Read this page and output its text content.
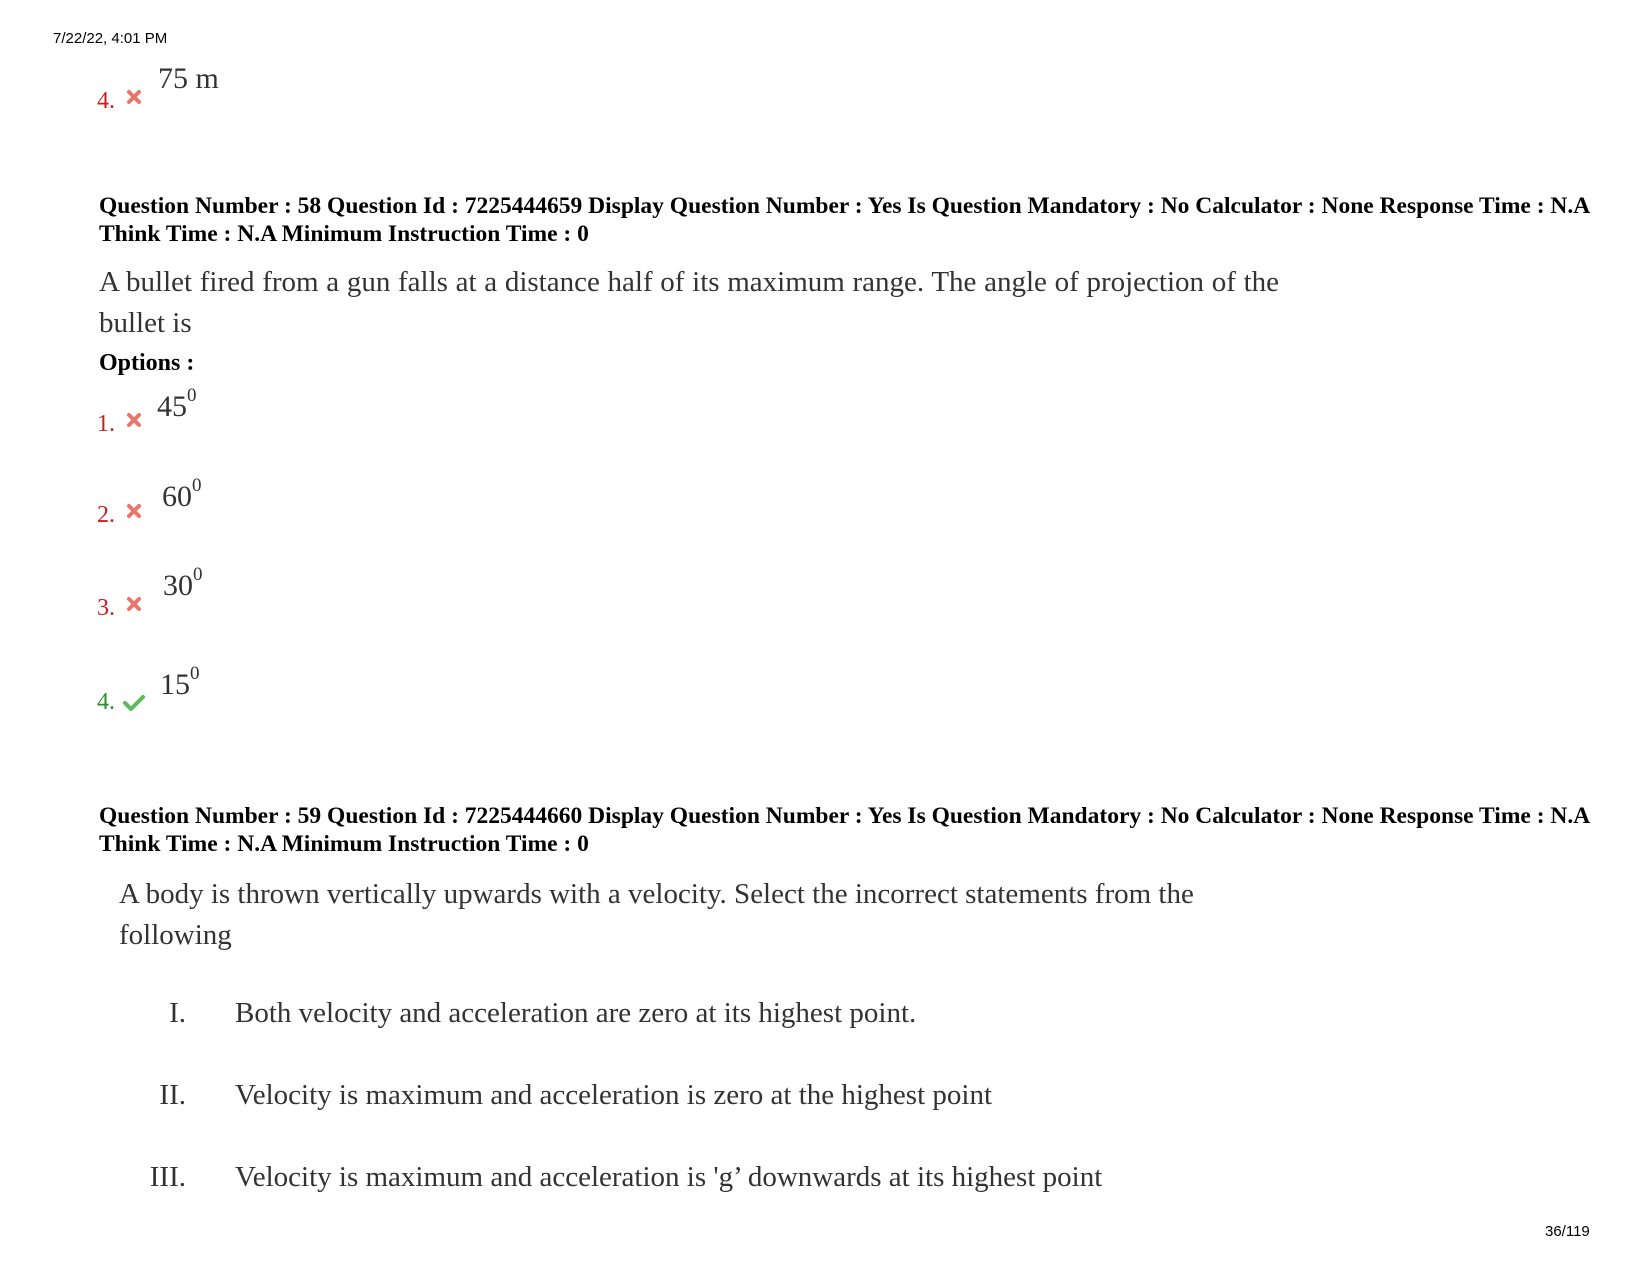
7/22/22, 4:01 PM
36/119
4.
75 m
Question Number : 58 Question Id : 7225444659 Display Question Number : Yes Is Question Mandatory : No Calculator : None Response Time : N.A Think Time : N.A Minimum Instruction Time : 0
A bullet fired from a gun falls at a distance half of its maximum range. The angle of projection of the bullet is
Options :
1.
$45^0$
2.
$60^0$
3.
$30^0$
4.
$15^0$
Question Number : 59 Question Id : 7225444660 Display Question Number : Yes Is Question Mandatory : No Calculator : None Response Time : N.A Think Time : N.A Minimum Instruction Time : 0
A body is thrown vertically upwards with a velocity. Select the incorrect statements from the following
I. Both velocity and acceleration are zero at its highest point.
II. Velocity is maximum and acceleration is zero at the highest point
III. Velocity is maximum and acceleration is 'g’ downwards at its highest point
